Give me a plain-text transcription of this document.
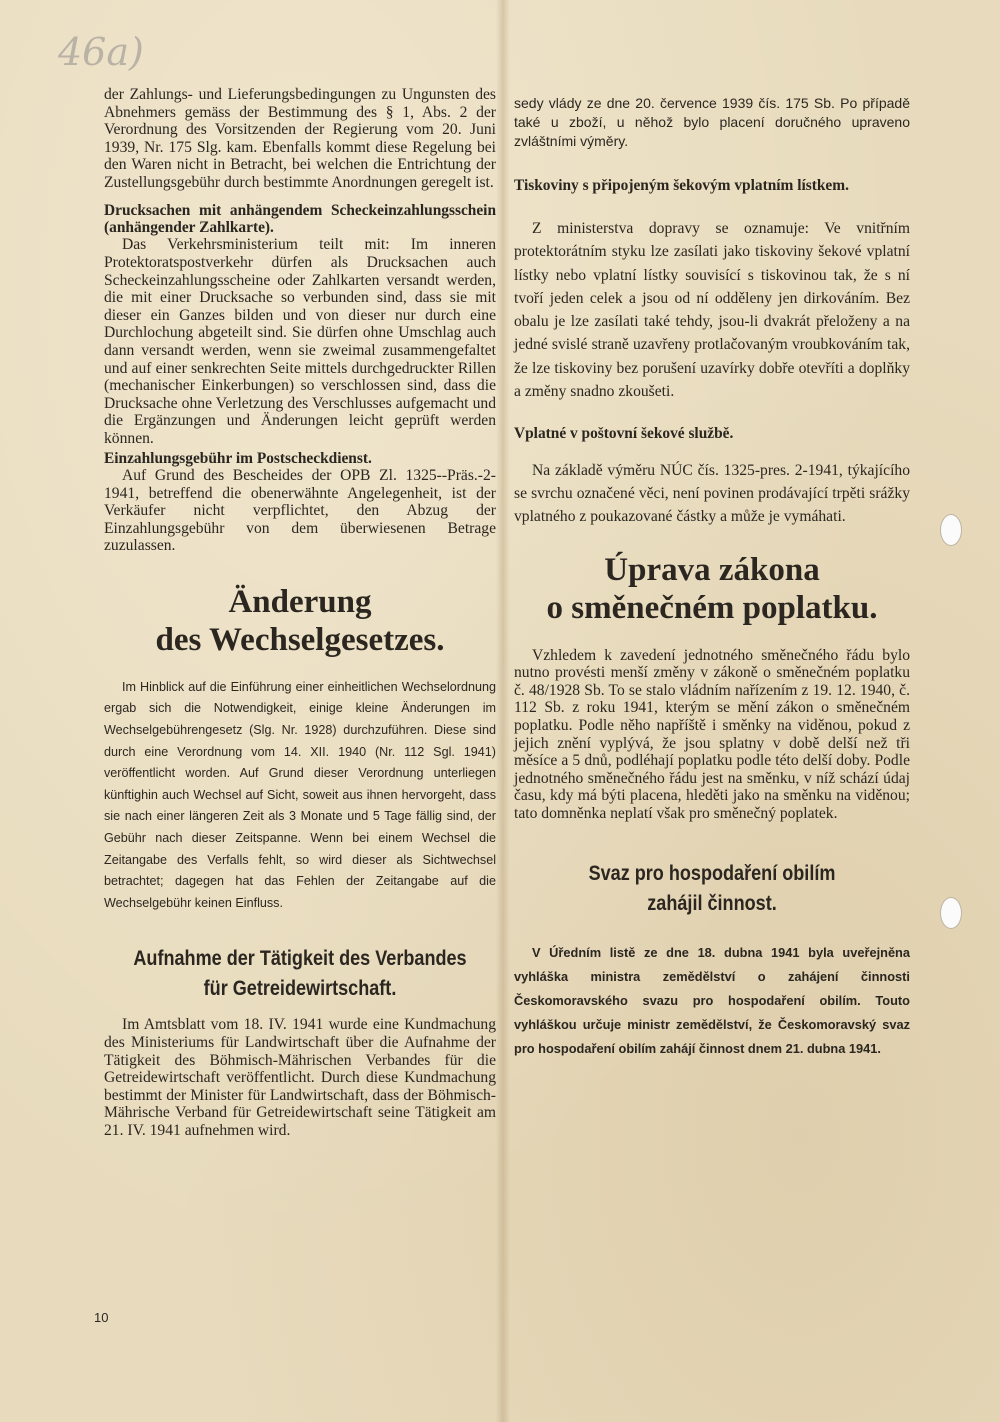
46a)

der Zahlungs- und Lieferungsbedingungen zu Ungunsten des Abnehmers gemäss der Bestimmung des § 1, Abs. 2 der Verordnung des Vorsitzenden der Regierung vom 20. Juni 1939, Nr. 175 Slg. kam. Ebenfalls kommt diese Regelung bei den Waren nicht in Betracht, bei welchen die Entrichtung der Zustellungsgebühr durch bestimmte Anordnungen geregelt ist.

Drucksachen mit anhängendem Scheckeinzahlungsschein (anhängender Zahlkarte).

Das Verkehrsministerium teilt mit: Im inneren Protektoratspostverkehr dürfen als Drucksachen auch Scheckeinzahlungsscheine oder Zahlkarten versandt werden, die mit einer Drucksache so verbunden sind, dass sie mit dieser ein Ganzes bilden und von dieser nur durch eine Durchlochung abgeteilt sind. Sie dürfen ohne Umschlag auch dann versandt werden, wenn sie zweimal zusammengefaltet und auf einer senkrechten Seite mittels durchgedruckter Rillen (mechanischer Einkerbungen) so verschlossen sind, dass die Drucksache ohne Verletzung des Verschlusses aufgemacht und die Ergänzungen und Änderungen leicht geprüft werden können.

Einzahlungsgebühr im Postscheckdienst.

Auf Grund des Bescheides der OPB Zl. 1325--Präs.-2-1941, betreffend die obenerwähnte Angelegenheit, ist der Verkäufer nicht verpflichtet, den Abzug der Einzahlungsgebühr von dem überwiesenen Betrage zuzulassen.

Änderung

des Wechselgesetzes.

Im Hinblick auf die Einführung einer einheitlichen Wechselordnung ergab sich die Notwendigkeit, einige kleine Änderungen im Wechselgebührengesetz (Slg. Nr. 1928) durchzuführen. Diese sind durch eine Verordnung vom 14. XII. 1940 (Nr. 112 Sgl. 1941) veröffentlicht worden. Auf Grund dieser Verordnung unterliegen künftighin auch Wechsel auf Sicht, soweit aus ihnen hervorgeht, dass sie nach einer längeren Zeit als 3 Monate und 5 Tage fällig sind, der Gebühr nach dieser Zeitspanne. Wenn bei einem Wechsel die Zeitangabe des Verfalls fehlt, so wird dieser als Sichtwechsel betrachtet; dagegen hat das Fehlen der Zeitangabe auf die Wechselgebühr keinen Einfluss.

Aufnahme der Tätigkeit des Verbandes

für Getreidewirtschaft.

Im Amtsblatt vom 18. IV. 1941 wurde eine Kundmachung des Ministeriums für Landwirtschaft über die Aufnahme der Tätigkeit des Böhmisch-Mährischen Verbandes für die Getreidewirtschaft veröffentlicht. Durch diese Kundmachung bestimmt der Minister für Landwirtschaft, dass der Böhmisch-Mährische Verband für Getreidewirtschaft seine Tätigkeit am 21. IV. 1941 aufnehmen wird.

sedy vlády ze dne 20. července 1939 čís. 175 Sb. Po případě také u zboží, u něhož bylo placení doručného upraveno zvláštními výměry.

Tiskoviny s připojeným šekovým vplatním lístkem.

Z ministerstva dopravy se oznamuje: Ve vnitřním protektorátním styku lze zasílati jako tiskoviny šekové vplatní lístky nebo vplatní lístky souvisící s tiskovinou tak, že s ní tvoří jeden celek a jsou od ní odděleny jen dirkováním. Bez obalu je lze zasílati také tehdy, jsou-li dvakrát přeloženy a na jedné svislé straně uzavřeny protlačovaným vroubkováním tak, že lze tiskoviny bez porušení uzavírky dobře otevříti a doplňky a změny snadno zkoušeti.

Vplatné v poštovní šekové službě.

Na základě výměru NÚC čís. 1325-pres. 2-1941, týkajícího se svrchu označené věci, není povinen prodávající trpěti srážky vplatného z poukazované částky a může je vymáhati.

Úprava zákona

o směnečném poplatku.

Vzhledem k zavedení jednotného směnečného řádu bylo nutno provésti menší změny v zákoně o směnečném poplatku č. 48/1928 Sb. To se stalo vládním nařízením z 19. 12. 1940, č. 112 Sb. z roku 1941, kterým se mění zákon o směnečném poplatku. Podle něho napříště i směnky na viděnou, pokud z jejich znění vyplývá, že jsou splatny v době delší než tři měsíce a 5 dnů, podléhají poplatku podle této delší doby. Podle jednotného směnečného řádu jest na směnku, v níž schází údaj času, kdy má býti placena, hleděti jako na směnku na viděnou; tato domněnka neplatí však pro směnečný poplatek.

Svaz pro hospodaření obilím

zahájil činnost.

V Úředním listě ze dne 18. dubna 1941 byla uveřejněna vyhláška ministra zemědělství o zahájení činnosti Českomoravského svazu pro hospodaření obilím. Touto vyhláškou určuje ministr zemědělství, že Českomoravský svaz pro hospodaření obilím zahájí činnost dnem 21. dubna 1941.

10
